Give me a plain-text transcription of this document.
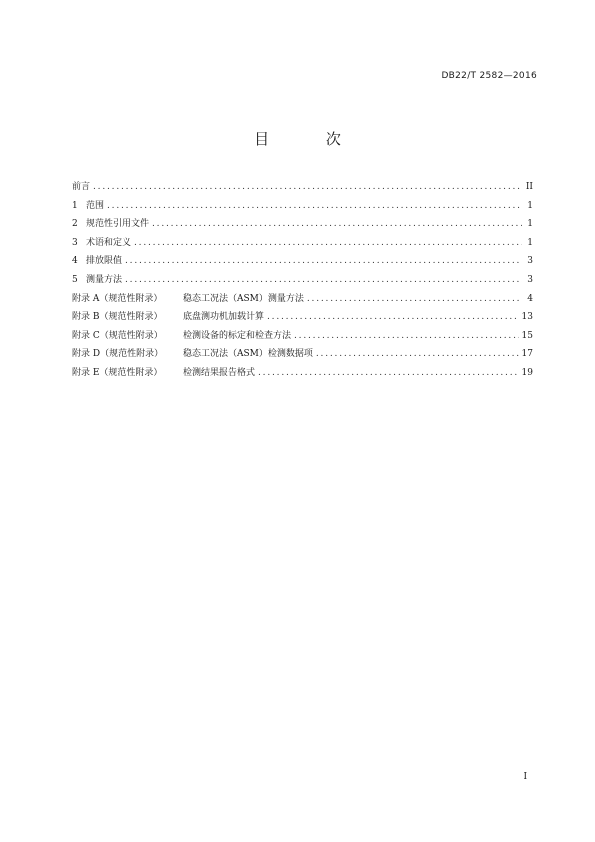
DB22/T 2582—2016
目 次
前言 .....	II
1 范围 .....	1
2 规范性引用文件 .....	1
3 术语和定义 .....	1
4 排放限值 .....	3
5 测量方法 .....	3
附录 A（规范性附录）	稳态工况法（ASM）测量方法 .....	4
附录 B（规范性附录）	底盘测功机加载计算 .....	13
附录 C（规范性附录）	检测设备的标定和检查方法 .....	15
附录 D（规范性附录）	稳态工况法（ASM）检测数据项 .....	17
附录 E（规范性附录）	检测结果报告格式 .....	19
I
